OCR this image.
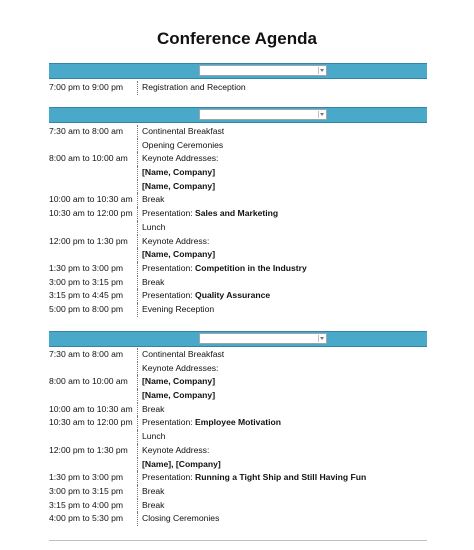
Conference Agenda
7:00 pm to 9:00 pm	Registration and Reception
7:30 am to 8:00 am	Continental Breakfast
Opening Ceremonies
8:00 am to 10:00 am	Keynote Addresses:
[Name, Company]
[Name, Company]
10:00 am to 10:30 am	Break
10:30 am to 12:00 pm	Presentation: Sales and Marketing
Lunch
12:00 pm to 1:30 pm	Keynote Address:
[Name, Company]
1:30 pm to 3:00 pm	Presentation: Competition in the Industry
3:00 pm to 3:15 pm	Break
3:15 pm to 4:45 pm	Presentation: Quality Assurance
5:00 pm to 8:00 pm	Evening Reception
7:30 am to 8:00 am	Continental Breakfast
Keynote Addresses:
8:00 am to 10:00 am	[Name, Company]
[Name, Company]
10:00 am to 10:30 am	Break
10:30 am to 12:00 pm	Presentation: Employee Motivation
Lunch
12:00 pm to 1:30 pm	Keynote Address:
[Name], [Company]
1:30 pm to 3:00 pm	Presentation: Running a Tight Ship and Still Having Fun
3:00 pm to 3:15 pm	Break
3:15 pm to 4:00 pm	Break
4:00 pm to 5:30 pm	Closing Ceremonies
